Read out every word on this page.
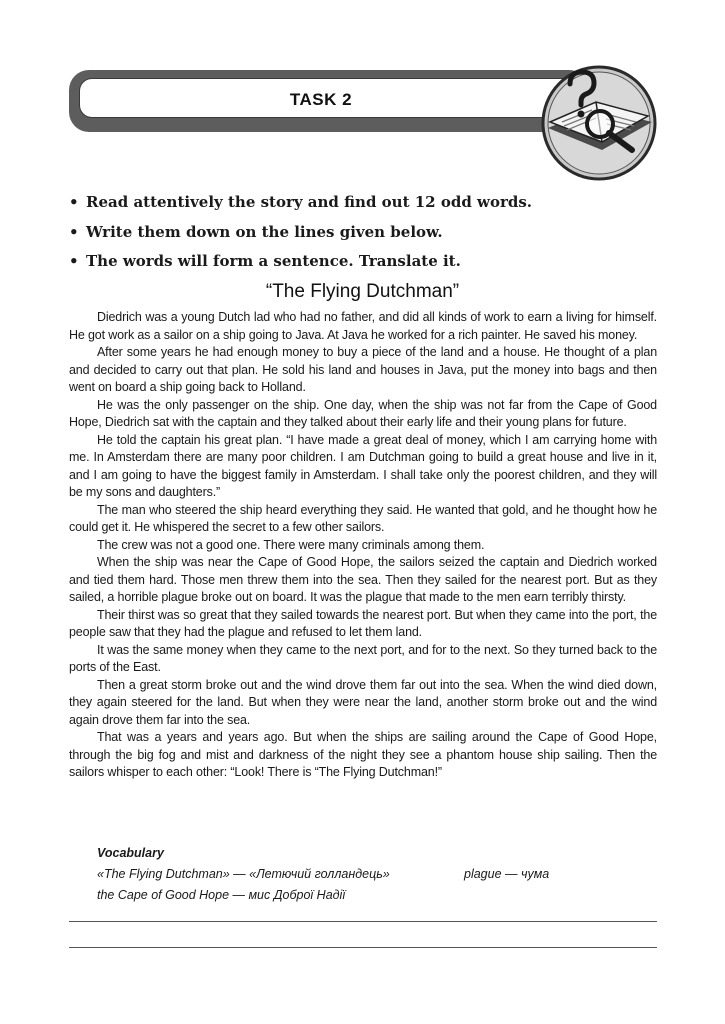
TASK 2
• Read attentively the story and find out 12 odd words.
• Write them down on the lines given below.
• The words will form a sentence. Translate it.
“The Flying Dutchman”

Diedrich was a young Dutch lad who had no father, and did all kinds of work to earn a living for himself. He got work as a sailor on a ship going to Java. At Java he worked for a rich painter. He saved his money.

After some years he had enough money to buy a piece of the land and a house. He thought of a plan and decided to carry out that plan. He sold his land and houses in Java, put the money into bags and then went on board a ship going back to Holland.

He was the only passenger on the ship. One day, when the ship was not far from the Cape of Good Hope, Diedrich sat with the captain and they talked about their early life and their young plans for future.

He told the captain his great plan. “I have made a great deal of money, which I am carrying home with me. In Amsterdam there are many poor children. I am Dutchman going to build a great house and live in it, and I am going to have the biggest family in Amsterdam. I shall take only the poorest children, and they will be my sons and daughters.”

The man who steered the ship heard everything they said. He wanted that gold, and he thought how he could get it. He whispered the secret to a few other sailors.

The crew was not a good one. There were many criminals among them.

When the ship was near the Cape of Good Hope, the sailors seized the captain and Diedrich worked and tied them hard. Those men threw them into the sea. Then they sailed for the nearest port. But as they sailed, a horrible plague broke out on board. It was the plague that made to the men earn terribly thirsty.

Their thirst was so great that they sailed towards the nearest port. But when they came into the port, the people saw that they had the plague and refused to let them land.

It was the same money when they came to the next port, and for to the next. So they turned back to the ports of the East.

Then a great storm broke out and the wind drove them far out into the sea. When the wind died down, they again steered for the land. But when they were near the land, another storm broke out and the wind again drove them far into the sea.

That was a years and years ago. But when the ships are sailing around the Cape of Good Hope, through the big fog and mist and darkness of the night they see a phantom house ship sailing. Then the sailors whisper to each other: “Look! There is “The Flying Dutchman!”

Vocabulary
«The Flying Dutchman» — «Летючий голландець»	plague — чума
the Cape of Good Hope — мис Доброї Надії
